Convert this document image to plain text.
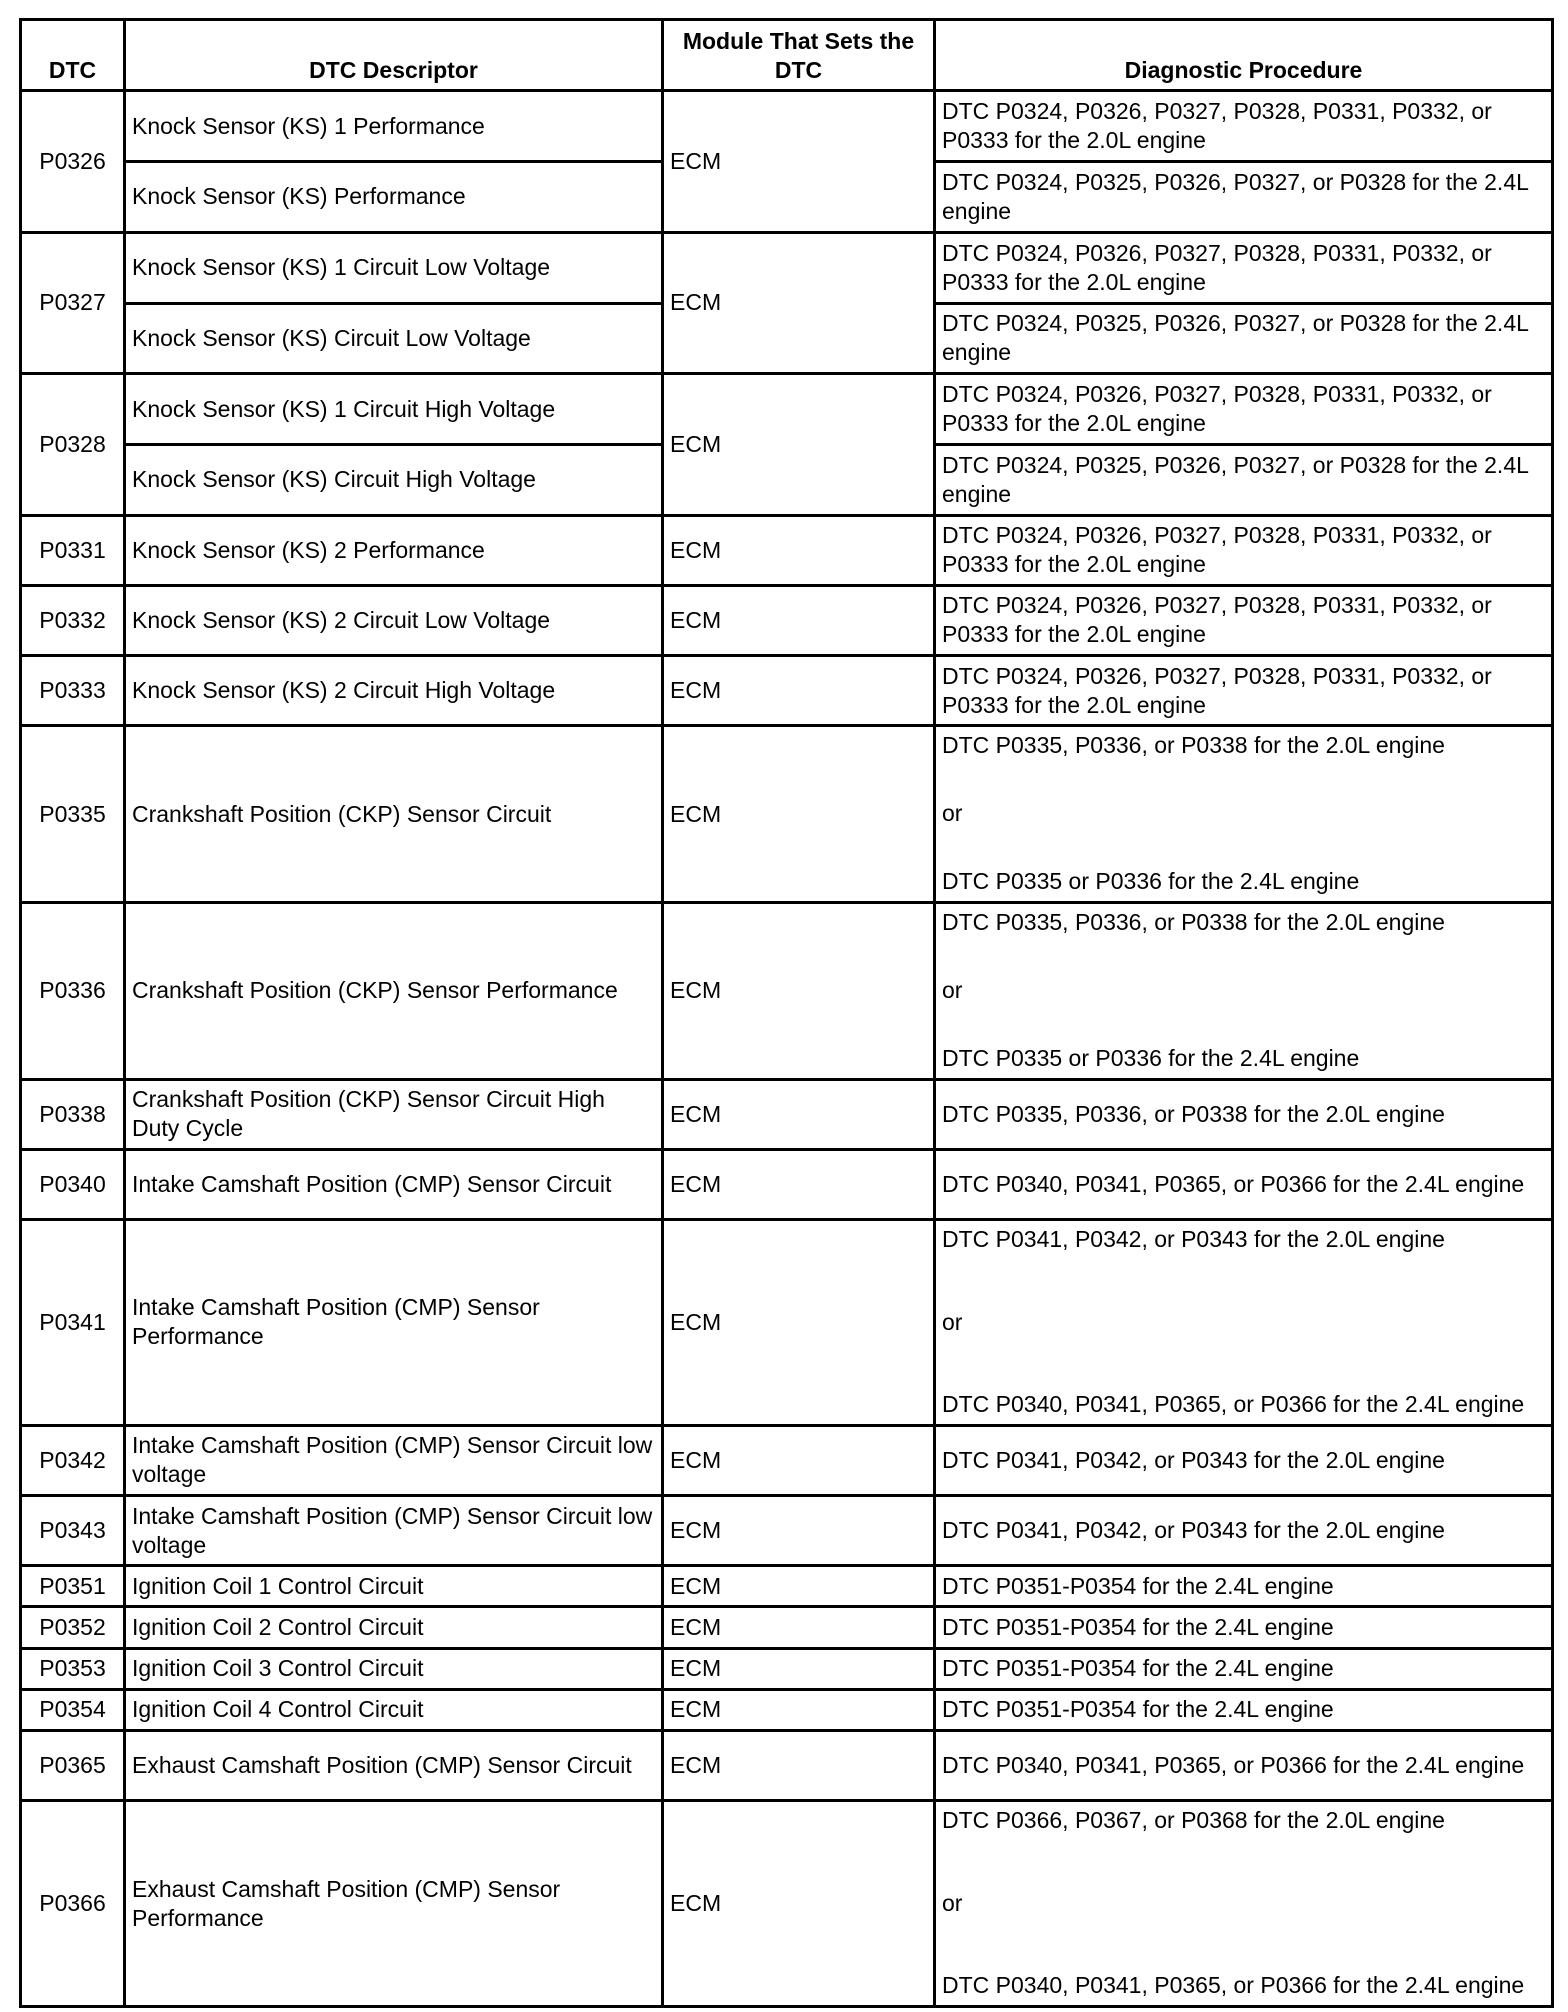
DTC	DTC Descriptor	Module That Sets the DTC	Diagnostic Procedure
P0326	Knock Sensor (KS) 1 Performance	ECM	DTC P0324, P0326, P0327, P0328, P0331, P0332, or P0333 for the 2.0L engine
	Knock Sensor (KS) Performance		DTC P0324, P0325, P0326, P0327, or P0328 for the 2.4L engine
P0327	Knock Sensor (KS) 1 Circuit Low Voltage	ECM	DTC P0324, P0326, P0327, P0328, P0331, P0332, or P0333 for the 2.0L engine
	Knock Sensor (KS) Circuit Low Voltage		DTC P0324, P0325, P0326, P0327, or P0328 for the 2.4L engine
P0328	Knock Sensor (KS) 1 Circuit High Voltage	ECM	DTC P0324, P0326, P0327, P0328, P0331, P0332, or P0333 for the 2.0L engine
	Knock Sensor (KS) Circuit High Voltage		DTC P0324, P0325, P0326, P0327, or P0328 for the 2.4L engine
P0331	Knock Sensor (KS) 2 Performance	ECM	DTC P0324, P0326, P0327, P0328, P0331, P0332, or P0333 for the 2.0L engine
P0332	Knock Sensor (KS) 2 Circuit Low Voltage	ECM	DTC P0324, P0326, P0327, P0328, P0331, P0332, or P0333 for the 2.0L engine
P0333	Knock Sensor (KS) 2 Circuit High Voltage	ECM	DTC P0324, P0326, P0327, P0328, P0331, P0332, or P0333 for the 2.0L engine
P0335	Crankshaft Position (CKP) Sensor Circuit	ECM	DTC P0335, P0336, or P0338 for the 2.0L engine
or
DTC P0335 or P0336 for the 2.4L engine

P0336	Crankshaft Position (CKP) Sensor Performance	ECM	DTC P0335, P0336, or P0338 for the 2.0L engine
or
DTC P0335 or P0336 for the 2.4L engine

P0338	Crankshaft Position (CKP) Sensor Circuit High Duty Cycle	ECM	DTC P0335, P0336, or P0338 for the 2.0L engine
P0340	Intake Camshaft Position (CMP) Sensor Circuit	ECM	DTC P0340, P0341, P0365, or P0366 for the 2.4L engine
P0341	Intake Camshaft Position (CMP) Sensor Performance	ECM	DTC P0341, P0342, or P0343 for the 2.0L engine
or
DTC P0340, P0341, P0365, or P0366 for the 2.4L engine

P0342	Intake Camshaft Position (CMP) Sensor Circuit low voltage	ECM	DTC P0341, P0342, or P0343 for the 2.0L engine
P0343	Intake Camshaft Position (CMP) Sensor Circuit low voltage	ECM	DTC P0341, P0342, or P0343 for the 2.0L engine
P0351	Ignition Coil 1 Control Circuit	ECM	DTC P0351-P0354 for the 2.4L engine
P0352	Ignition Coil 2 Control Circuit	ECM	DTC P0351-P0354 for the 2.4L engine
P0353	Ignition Coil 3 Control Circuit	ECM	DTC P0351-P0354 for the 2.4L engine
P0354	Ignition Coil 4 Control Circuit	ECM	DTC P0351-P0354 for the 2.4L engine
P0365	Exhaust Camshaft Position (CMP) Sensor Circuit	ECM	DTC P0340, P0341, P0365, or P0366 for the 2.4L engine
P0366	Exhaust Camshaft Position (CMP) Sensor Performance	ECM	DTC P0366, P0367, or P0368 for the 2.0L engine
or
DTC P0340, P0341, P0365, or P0366 for the 2.4L engine
